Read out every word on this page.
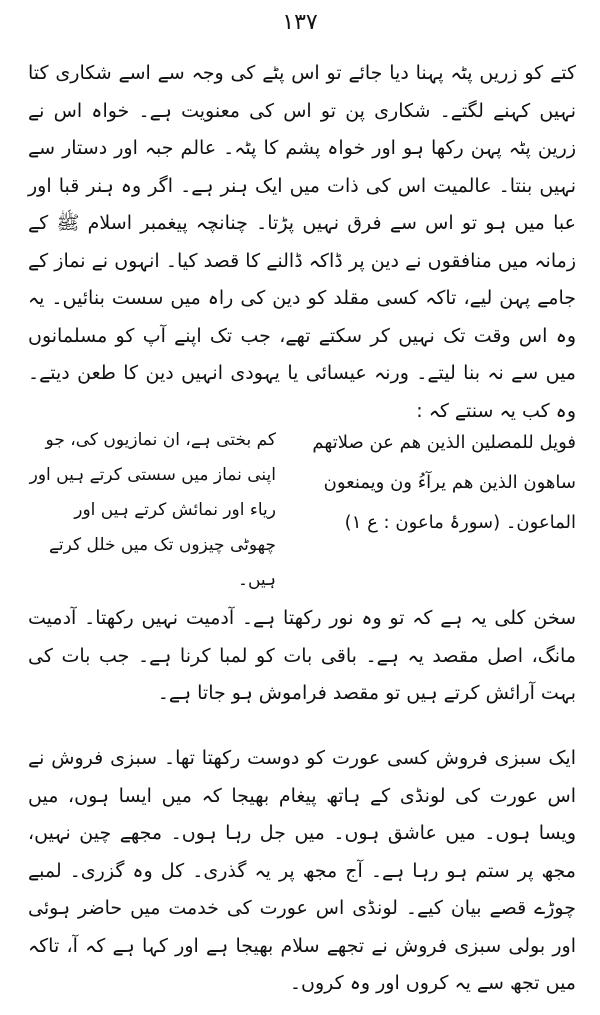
۱۳۷

کتے کو زریں پٹہ پہنا دیا جائے تو اس پٹے کی وجہ سے اسے شکاری کتا نہیں کہنے لگتے۔ شکاری پن تو اس کی معنویت ہے۔ خواہ اس نے زرین پٹہ پہن رکھا ہو اور خواہ پشم کا پٹہ۔ عالم جبہ اور دستار سے نہیں بنتا۔ عالمیت اس کی ذات میں ایک ہنر ہے۔ اگر وہ ہنر قبا اور عبا میں ہو تو اس سے فرق نہیں پڑتا۔ چنانچہ پیغمبر اسلام ﷺ کے زمانہ میں منافقوں نے دین پر ڈاکہ ڈالنے کا قصد کیا۔ انہوں نے نماز کے جامے پہن لیے، تاکہ کسی مقلد کو دین کی راہ میں سست بنائیں۔ یہ وہ اس وقت تک نہیں کر سکتے تھے، جب تک اپنے آپ کو مسلمانوں میں سے نہ بنا لیتے۔ ورنہ عیسائی یا یہودی انہیں دین کا طعن دیتے۔ وہ کب یہ سنتے کہ :

فویل للمصلین الذین ھم عن صلاتھم
ساھون الذین ھم یرآءُ ون ویمنعون
الماعون۔ (سورۂ ماعون : ع ۱)
کم بختی ہے، ان نمازیوں کی، جو اپنی نماز میں سستی کرتے ہیں اور ریاء اور نمائش کرتے ہیں اور چھوٹی چیزوں تک میں خلل کرتے ہیں۔

سخن کلی یہ ہے کہ تو وہ نور رکھتا ہے۔ آدمیت نہیں رکھتا۔ آدمیت مانگ، اصل مقصد یہ ہے۔ باقی بات کو لمبا کرنا ہے۔ جب بات کی بہت آرائش کرتے ہیں تو مقصد فراموش ہو جاتا ہے۔

ایک سبزی فروش کسی عورت کو دوست رکھتا تھا۔ سبزی فروش نے اس عورت کی لونڈی کے ہاتھ پیغام بھیجا کہ میں ایسا ہوں، میں ویسا ہوں۔ میں عاشق ہوں۔ میں جل رہا ہوں۔ مجھے چین نہیں، مجھ پر ستم ہو رہا ہے۔ آج مجھ پر یہ گذری۔ کل وہ گزری۔ لمبے چوڑے قصے بیان کیے۔ لونڈی اس عورت کی خدمت میں حاضر ہوئی اور بولی سبزی فروش نے تجھے سلام بھیجا ہے اور کہا ہے کہ آ، تاکہ میں تجھ سے یہ کروں اور وہ کروں۔
